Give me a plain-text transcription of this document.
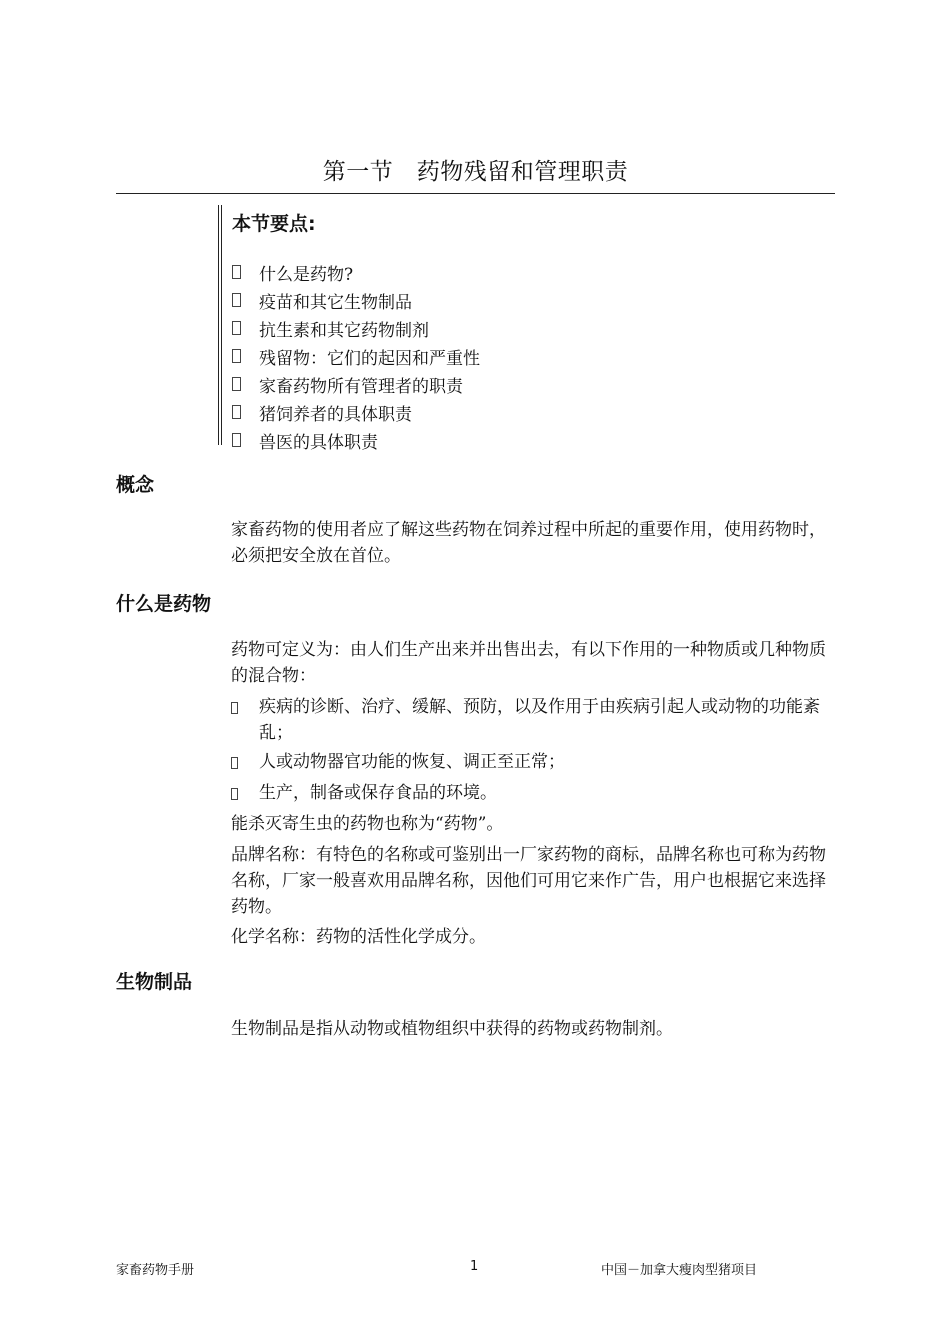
第一节　药物残留和管理职责
本节要点:
什么是药物?
疫苗和其它生物制品
抗生素和其它药物制剂
残留物：它们的起因和严重性
家畜药物所有管理者的职责
猪饲养者的具体职责
兽医的具体职责
概念
家畜药物的使用者应了解这些药物在饲养过程中所起的重要作用，使用药物时，必须把安全放在首位。
什么是药物
药物可定义为：由人们生产出来并出售出去，有以下作用的一种物质或几种物质的混合物：
疾病的诊断、治疗、缓解、预防，以及作用于由疾病引起人或动物的功能紊乱；
人或动物器官功能的恢复、调正至正常；
生产，制备或保存食品的环境。
能杀灭寄生虫的药物也称为“药物”。
品牌名称：有特色的名称或可鉴别出一厂家药物的商标，品牌名称也可称为药物名称，厂家一般喜欢用品牌名称，因他们可用它来作广告，用户也根据它来选择药物。
化学名称：药物的活性化学成分。
生物制品
生物制品是指从动物或植物组织中获得的药物或药物制剂。
家畜药物手册	1	中国－加拿大瘦肉型猪项目
